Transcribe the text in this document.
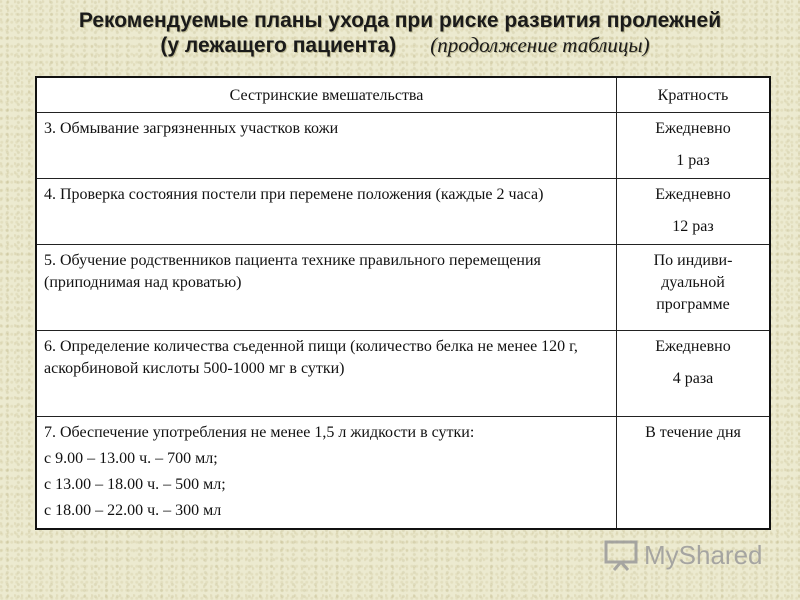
Рекомендуемые планы ухода при риске развития пролежней
(у лежащего пациента) (продолжение таблицы)
Сестринские вмешательства	Кратность
3. Обмывание загрязненных участков кожи	Ежедневно
1 раз

4. Проверка состояния постели при перемене положения (каждые 2 часа)	Ежедневно
12 раз

5. Обучение родственников пациента технике правильного перемещения (приподнимая над кроватью)	По индиви-дуальной программе
6. Определение количества съеденной пищи (количество белка не менее 120 г, аскорбиновой кислоты 500-1000 мг в сутки)	Ежедневно
4 раза

7. Обеспечение употребления не менее 1,5 л жидкости в сутки:
с 9.00 – 13.00 ч. – 700 мл;
с 13.00 – 18.00 ч. – 500 мл;
с 18.00 – 22.00 ч. – 300 мл	В течение дня
MyShared
